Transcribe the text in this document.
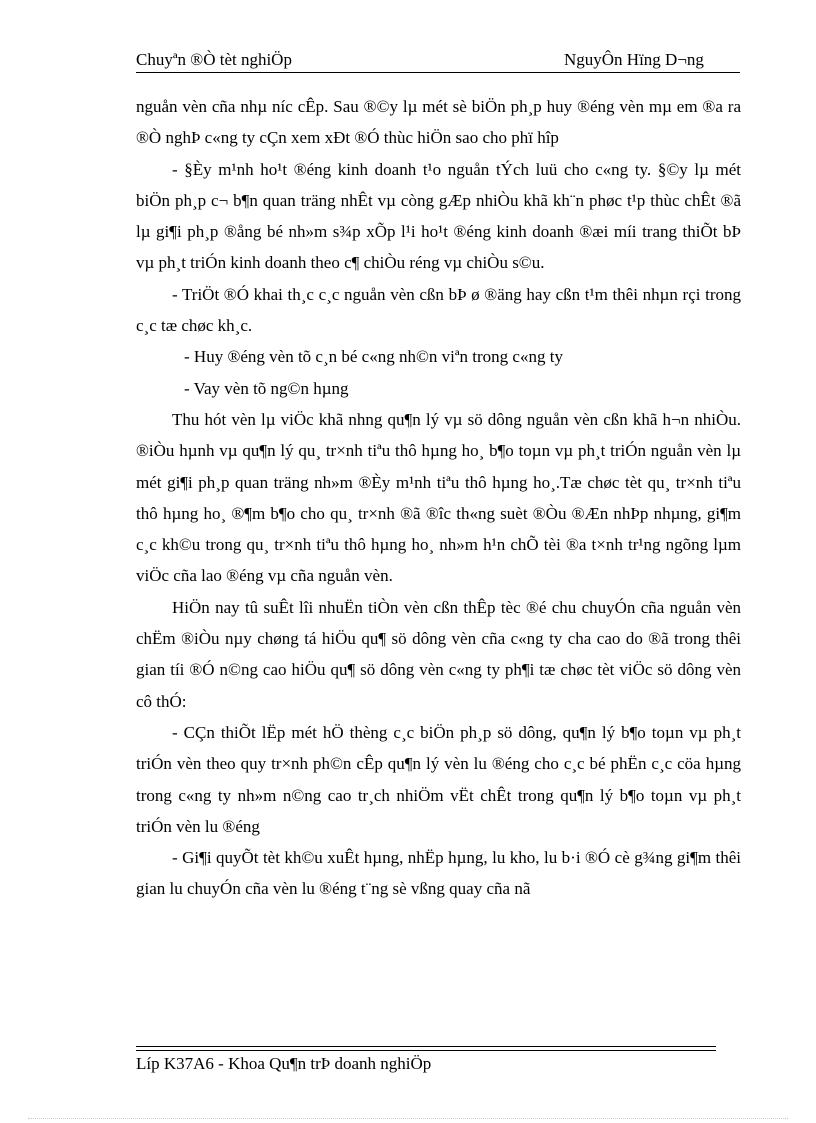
Chuyªn ®Ò tèt nghiÖp	NguyÔn Hïng D¬ng

nguån vèn cña nhµ níc cÊp. Sau ®©y lµ mét sè biÖn ph¸p huy ®éng vèn mµ em ®a ra ®Ò nghÞ c«ng ty cÇn xem xÐt ®Ó thùc hiÖn sao cho phï hîp

- §Èy m¹nh ho¹t ®éng kinh doanh t¹o nguån tÝch luü cho c«ng ty. §©y lµ mét biÖn ph¸p c¬ b¶n quan träng nhÊt vµ còng gÆp nhiÒu khã kh¨n phøc t¹p thùc chÊt ®ã lµ gi¶i ph¸p ®ång bé nh»m s¾p xÕp l¹i ho¹t ®éng kinh doanh ®æi míi trang thiÕt bÞ vµ ph¸t triÓn kinh doanh theo c¶ chiÒu réng vµ chiÒu s©u.

- TriÖt ®Ó khai th¸c c¸c nguån vèn cßn bÞ ø ®äng hay cßn t¹m thêi nhµn rçi trong c¸c tæ chøc kh¸c.

- Huy ®éng vèn tõ c¸n bé c«ng nh©n viªn trong c«ng ty

- Vay vèn tõ ng©n hµng

Thu hót vèn lµ viÖc khã nhng qu¶n lý vµ sö dông nguån vèn cßn khã h¬n nhiÒu. ®iÒu hµnh vµ qu¶n lý qu¸ tr×nh tiªu thô hµng ho¸ b¶o toµn vµ ph¸t triÓn nguån vèn lµ mét gi¶i ph¸p quan träng nh»m ®Èy m¹nh tiªu thô hµng ho¸.Tæ chøc tèt qu¸ tr×nh tiªu thô hµng ho¸ ®¶m b¶o cho qu¸ tr×nh ®ã ®îc th«ng suèt ®Òu ®Æn nhÞp nhµng, gi¶m c¸c kh©u trong qu¸ tr×nh tiªu thô hµng ho¸ nh»m h¹n chÕ tèi ®a t×nh tr¹ng ngõng lµm viÖc cña lao ®éng vµ cña nguån vèn.

HiÖn nay tû suÊt lîi nhuËn tiÒn vèn cßn thÊp tèc ®é chu chuyÓn cña nguån vèn chËm ®iÒu nµy chøng tá hiÖu qu¶ sö dông vèn cña c«ng ty cha cao do ®ã trong thêi gian tíi ®Ó n©ng cao hiÖu qu¶ sö dông vèn c«ng ty ph¶i tæ chøc tèt viÖc sö dông vèn cô thÓ:

- CÇn thiÕt lËp mét hÖ thèng c¸c biÖn ph¸p sö dông, qu¶n lý b¶o toµn vµ ph¸t triÓn vèn theo quy tr×nh ph©n cÊp qu¶n lý vèn lu ®éng cho c¸c bé phËn c¸c cöa hµng trong c«ng ty nh»m n©ng cao tr¸ch nhiÖm vËt chÊt trong qu¶n lý b¶o toµn vµ ph¸t triÓn vèn lu ®éng

- Gi¶i quyÕt tèt kh©u xuÊt hµng, nhËp hµng, lu kho, lu b·i ®Ó cè g¾ng gi¶m thêi gian lu chuyÓn cña vèn lu ®éng t¨ng sè vßng quay cña nã

Líp K37A6 - Khoa Qu¶n trÞ doanh nghiÖp
